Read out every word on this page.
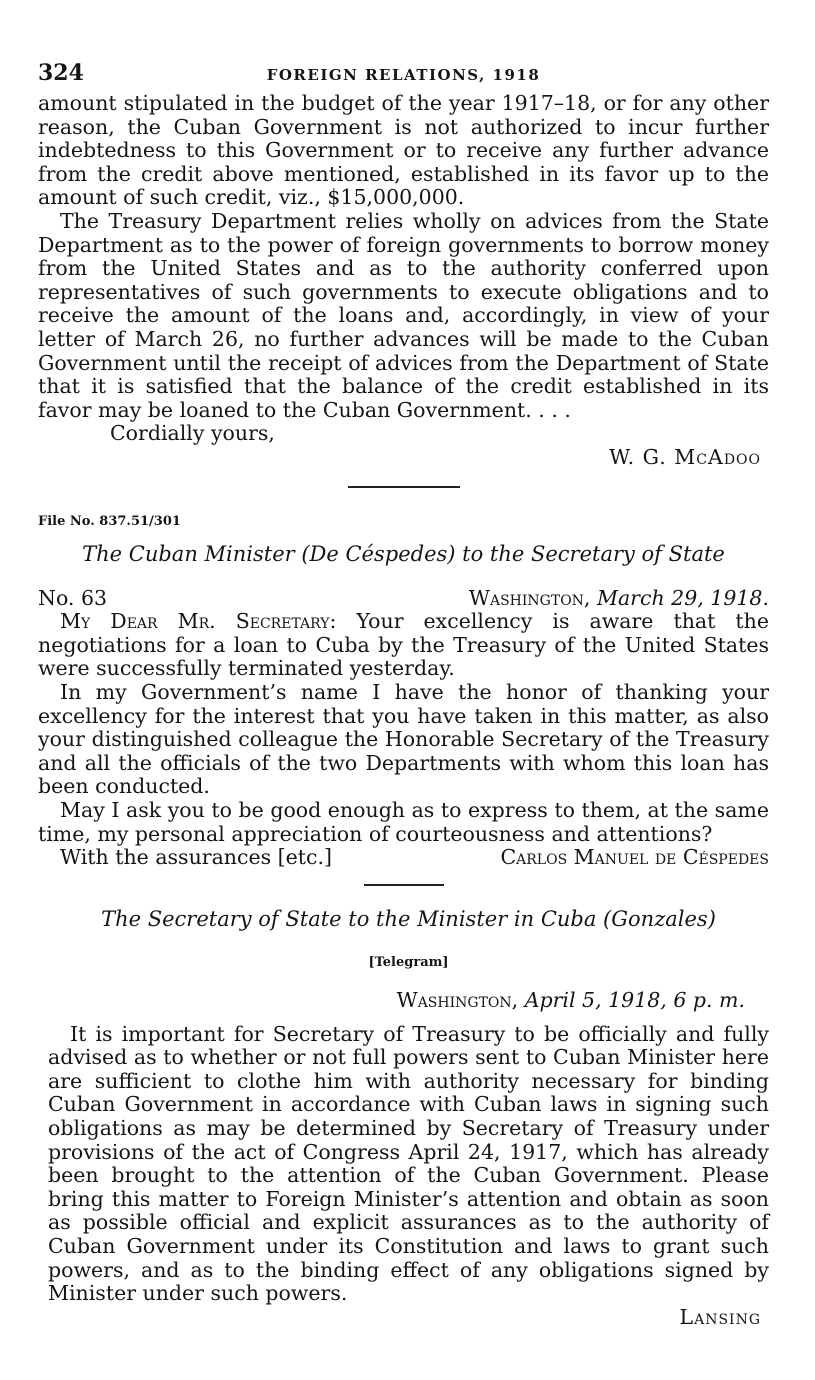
324	FOREIGN RELATIONS, 1918

amount stipulated in the budget of the year 1917–18, or for any other reason, the Cuban Government is not authorized to incur further indebtedness to this Government or to receive any further advance from the credit above mentioned, established in its favor up to the amount of such credit, viz., $15,000,000.

The Treasury Department relies wholly on advices from the State Department as to the power of foreign governments to borrow money from the United States and as to the authority conferred upon representatives of such governments to execute obligations and to receive the amount of the loans and, accordingly, in view of your letter of March 26, no further advances will be made to the Cuban Government until the receipt of advices from the Department of State that it is satisfied that the balance of the credit established in its favor may be loaned to the Cuban Government. . . .

Cordially yours,

W. G. McAdoo

File No. 837.51/301

The Cuban Minister (De Céspedes) to the Secretary of State

No. 63	Washington, March 29, 1918.

My Dear Mr. Secretary: Your excellency is aware that the negotiations for a loan to Cuba by the Treasury of the United States were successfully terminated yesterday.

In my Government’s name I have the honor of thanking your excellency for the interest that you have taken in this matter, as also your distinguished colleague the Honorable Secretary of the Treasury and all the officials of the two Departments with whom this loan has been conducted.

May I ask you to be good enough as to express to them, at the same time, my personal appreciation of courteousness and attentions?

With the assurances [etc.]	Carlos Manuel de Céspedes

The Secretary of State to the Minister in Cuba (Gonzales)

[Telegram]

Washington, April 5, 1918, 6 p. m.

It is important for Secretary of Treasury to be officially and fully advised as to whether or not full powers sent to Cuban Minister here are sufficient to clothe him with authority necessary for binding Cuban Government in accordance with Cuban laws in signing such obligations as may be determined by Secretary of Treasury under provisions of the act of Congress April 24, 1917, which has already been brought to the attention of the Cuban Government. Please bring this matter to Foreign Minister’s attention and obtain as soon as possible official and explicit assurances as to the authority of Cuban Government under its Constitution and laws to grant such powers, and as to the binding effect of any obligations signed by Minister under such powers.

Lansing
